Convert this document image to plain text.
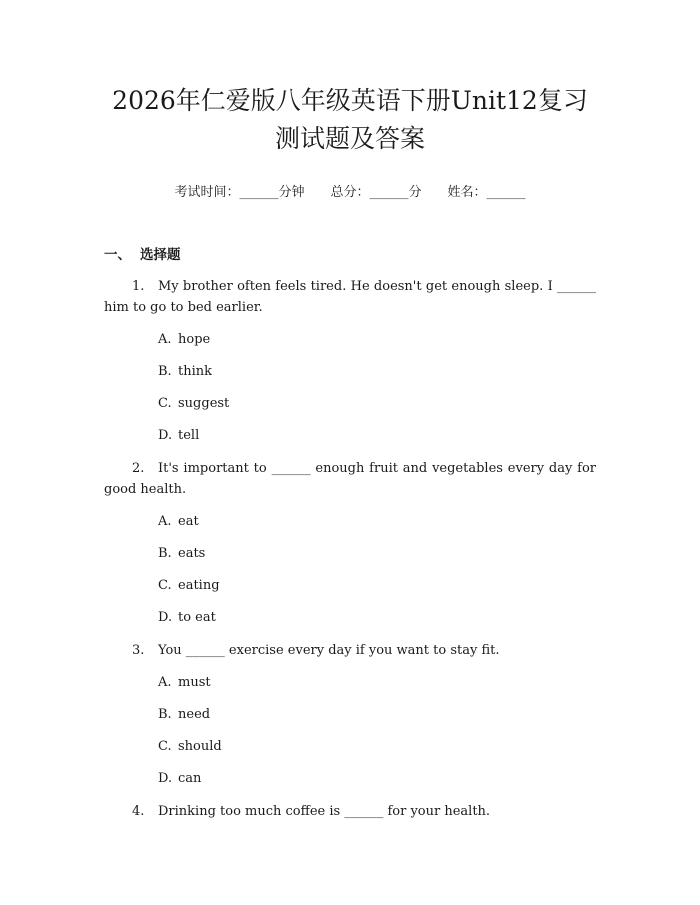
2026年仁爱版八年级英语下册Unit12复习
测试题及答案
考试时间：______分钟 总分：______分 姓名：______
一、 选择题
1. My brother often feels tired. He doesn't get enough sleep. I ______ him to go to bed earlier.
A. hope
B. think
C. suggest
D. tell
2. It's important to ______ enough fruit and vegetables every day for good health.
A. eat
B. eats
C. eating
D. to eat
3. You ______ exercise every day if you want to stay fit.
A. must
B. need
C. should
D. can
4. Drinking too much coffee is ______ for your health.
